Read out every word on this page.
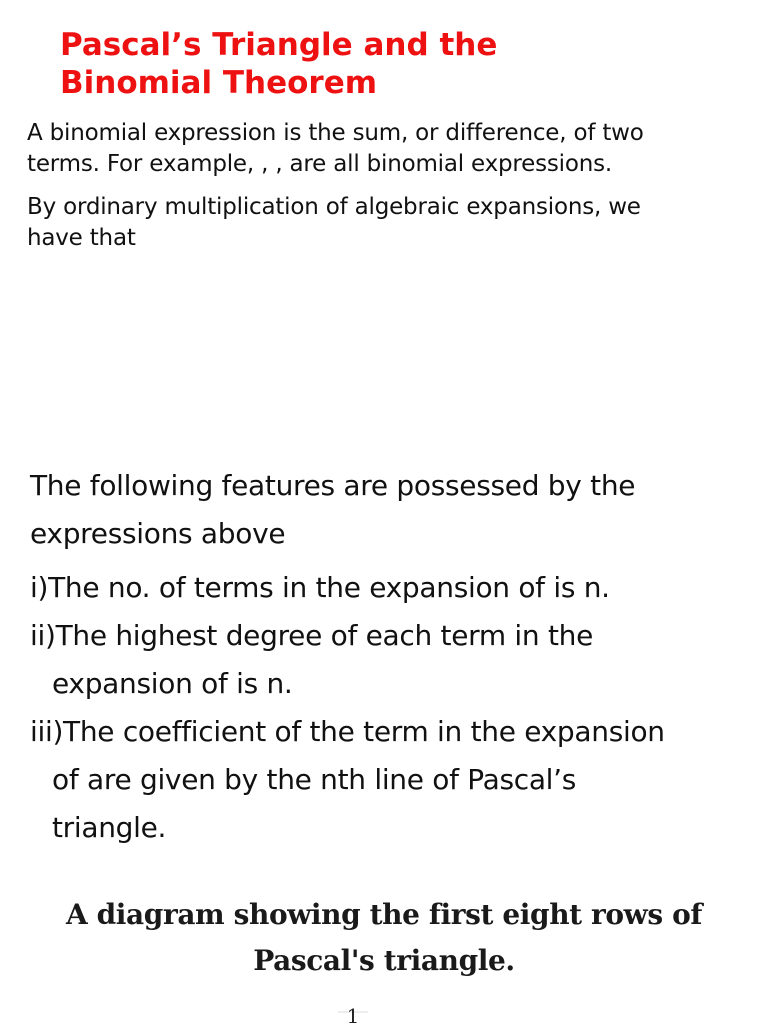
Pascal’s Triangle and the
Binomial Theorem

A binomial expression is the sum, or difference, of two
terms. For example, , , are all binomial expressions.
By ordinary multiplication of algebraic expansions, we
have that

The following features are possessed by the
expressions above
i)The no. of terms in the expansion of is n.
ii)The highest degree of each term in the
expansion of is n.
iii)The coefficient of the term in the expansion
of are given by the nth line of Pascal’s
triangle.
A diagram showing the first eight rows of
Pascal's triangle.
1
